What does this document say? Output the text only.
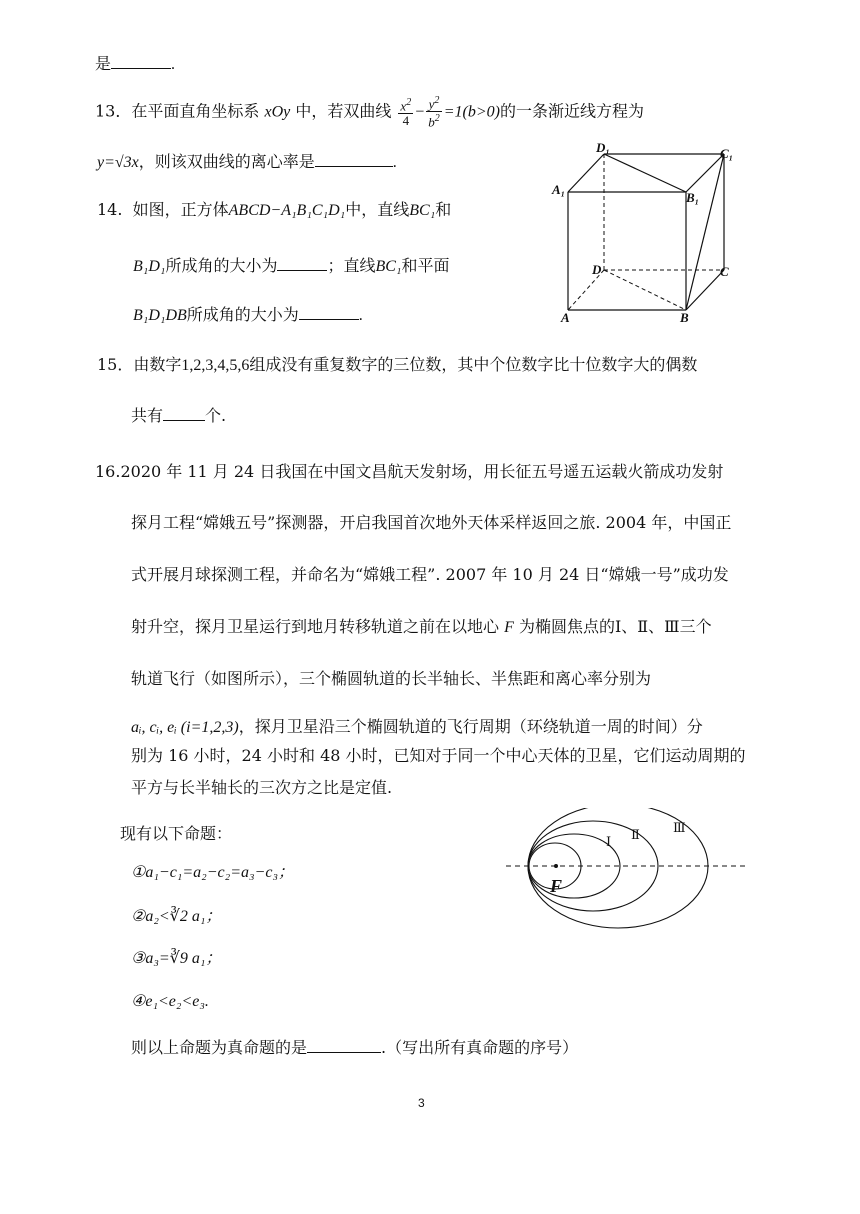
是	.
13．在平面直角坐标系 xOy 中，若双曲线 $\frac{x^2}{4} - \frac{y^2}{b^2} =1(b>0)$的一条渐近线方程为
y=√3x，则该双曲线的离心率是	.
14. 如图，正方体ABCD−A₁B₁C₁D₁中，直线BC₁和
B₁D₁所成角的大小为	；直线BC₁和平面
B₁D₁DB所成角的大小为	.
D₁	C₁
A₁
B₁
D	C
A	B
15．由数字1,2,3,4,5,6组成没有重复数字的三位数，其中个位数字比十位数字大的偶数
共有	个.
16.2020 年 11 月 24 日我国在中国文昌航天发射场，用长征五号遥五运载火箭成功发射
探月工程“嫦娥五号”探测器，开启我国首次地外天体采样返回之旅. 2004 年，中国正
式开展月球探测工程，并命名为“嫦娥工程”. 2007 年 10 月 24 日“嫦娥一号”成功发
射升空，探月卫星运行到地月转移轨道之前在以地心 F 为椭圆焦点的Ⅰ、Ⅱ、Ⅲ三个
轨道飞行（如图所示），三个椭圆轨道的长半轴长、半焦距和离心率分别为
aᵢ, cᵢ, eᵢ (i=1,2,3)，探月卫星沿三个椭圆轨道的飞行周期（环绕轨道一周的时间）分
别为 16 小时，24 小时和 48 小时，已知对于同一个中心天体的卫星，它们运动周期的
平方与长半轴长的三次方之比是定值.
现有以下命题：
①a₁−c₁=a₂−c₂=a₃−c₃；
②a₂<∛2 a₁；
③a₃=∛9 a₁；
④e₁<e₂<e₃.
则以上命题为真命题的是	.（写出所有真命题的序号）
F
Ⅰ Ⅱ	Ⅲ
3
